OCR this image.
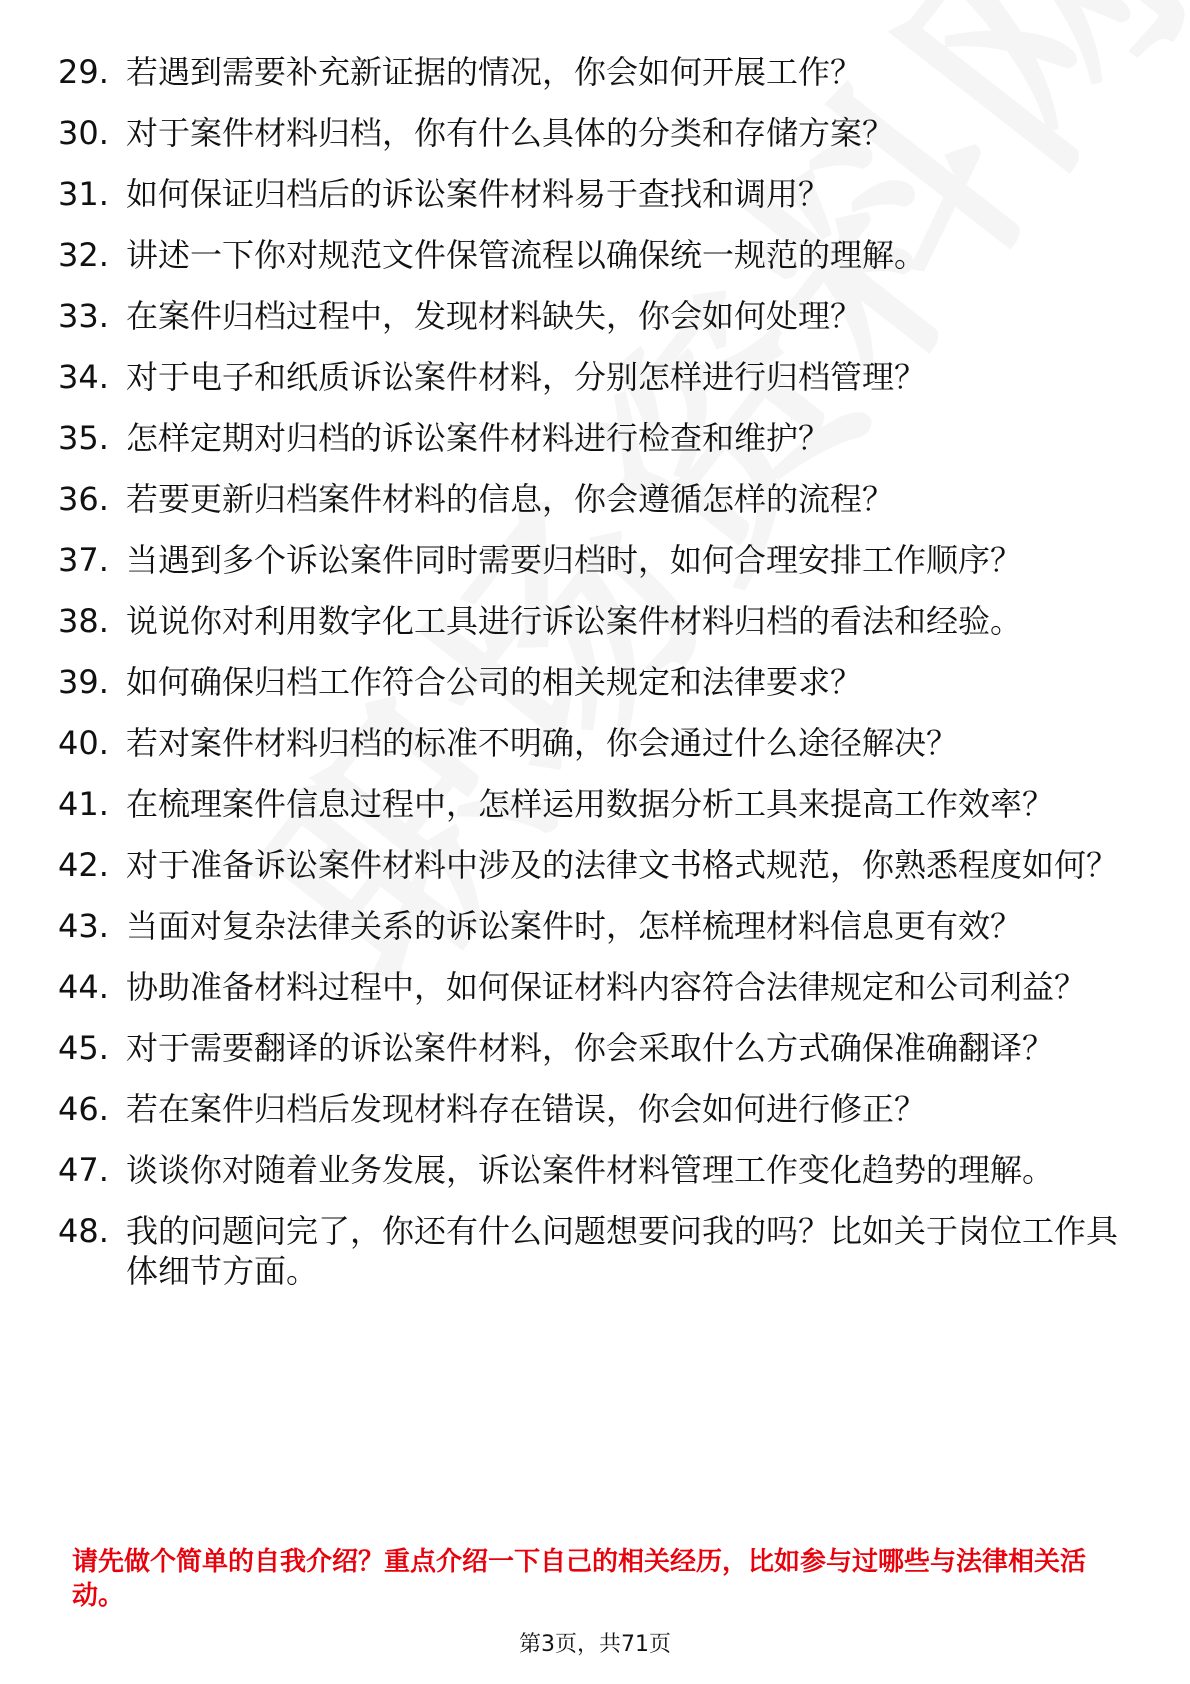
29. 若遇到需要补充新证据的情况，你会如何开展工作？
30. 对于案件材料归档，你有什么具体的分类和存储方案？
31. 如何保证归档后的诉讼案件材料易于查找和调用？
32. 讲述一下你对规范文件保管流程以确保统一规范的理解。
33. 在案件归档过程中，发现材料缺失，你会如何处理？
34. 对于电子和纸质诉讼案件材料，分别怎样进行归档管理？
35. 怎样定期对归档的诉讼案件材料进行检查和维护？
36. 若要更新归档案件材料的信息，你会遵循怎样的流程？
37. 当遇到多个诉讼案件同时需要归档时，如何合理安排工作顺序？
38. 说说你对利用数字化工具进行诉讼案件材料归档的看法和经验。
39. 如何确保归档工作符合公司的相关规定和法律要求？
40. 若对案件材料归档的标准不明确，你会通过什么途径解决？
41. 在梳理案件信息过程中，怎样运用数据分析工具来提高工作效率？
42. 对于准备诉讼案件材料中涉及的法律文书格式规范，你熟悉程度如何？
43. 当面对复杂法律关系的诉讼案件时，怎样梳理材料信息更有效？
44. 协助准备材料过程中，如何保证材料内容符合法律规定和公司利益？
45. 对于需要翻译的诉讼案件材料，你会采取什么方式确保准确翻译？
46. 若在案件归档后发现材料存在错误，你会如何进行修正？
47. 谈谈你对随着业务发展，诉讼案件材料管理工作变化趋势的理解。
48. 我的问题问完了，你还有什么问题想要问我的吗？比如关于岗位工作具体细节方面。
请先做个简单的自我介绍？重点介绍一下自己的相关经历，比如参与过哪些与法律相关活动。
第3页，共71页
